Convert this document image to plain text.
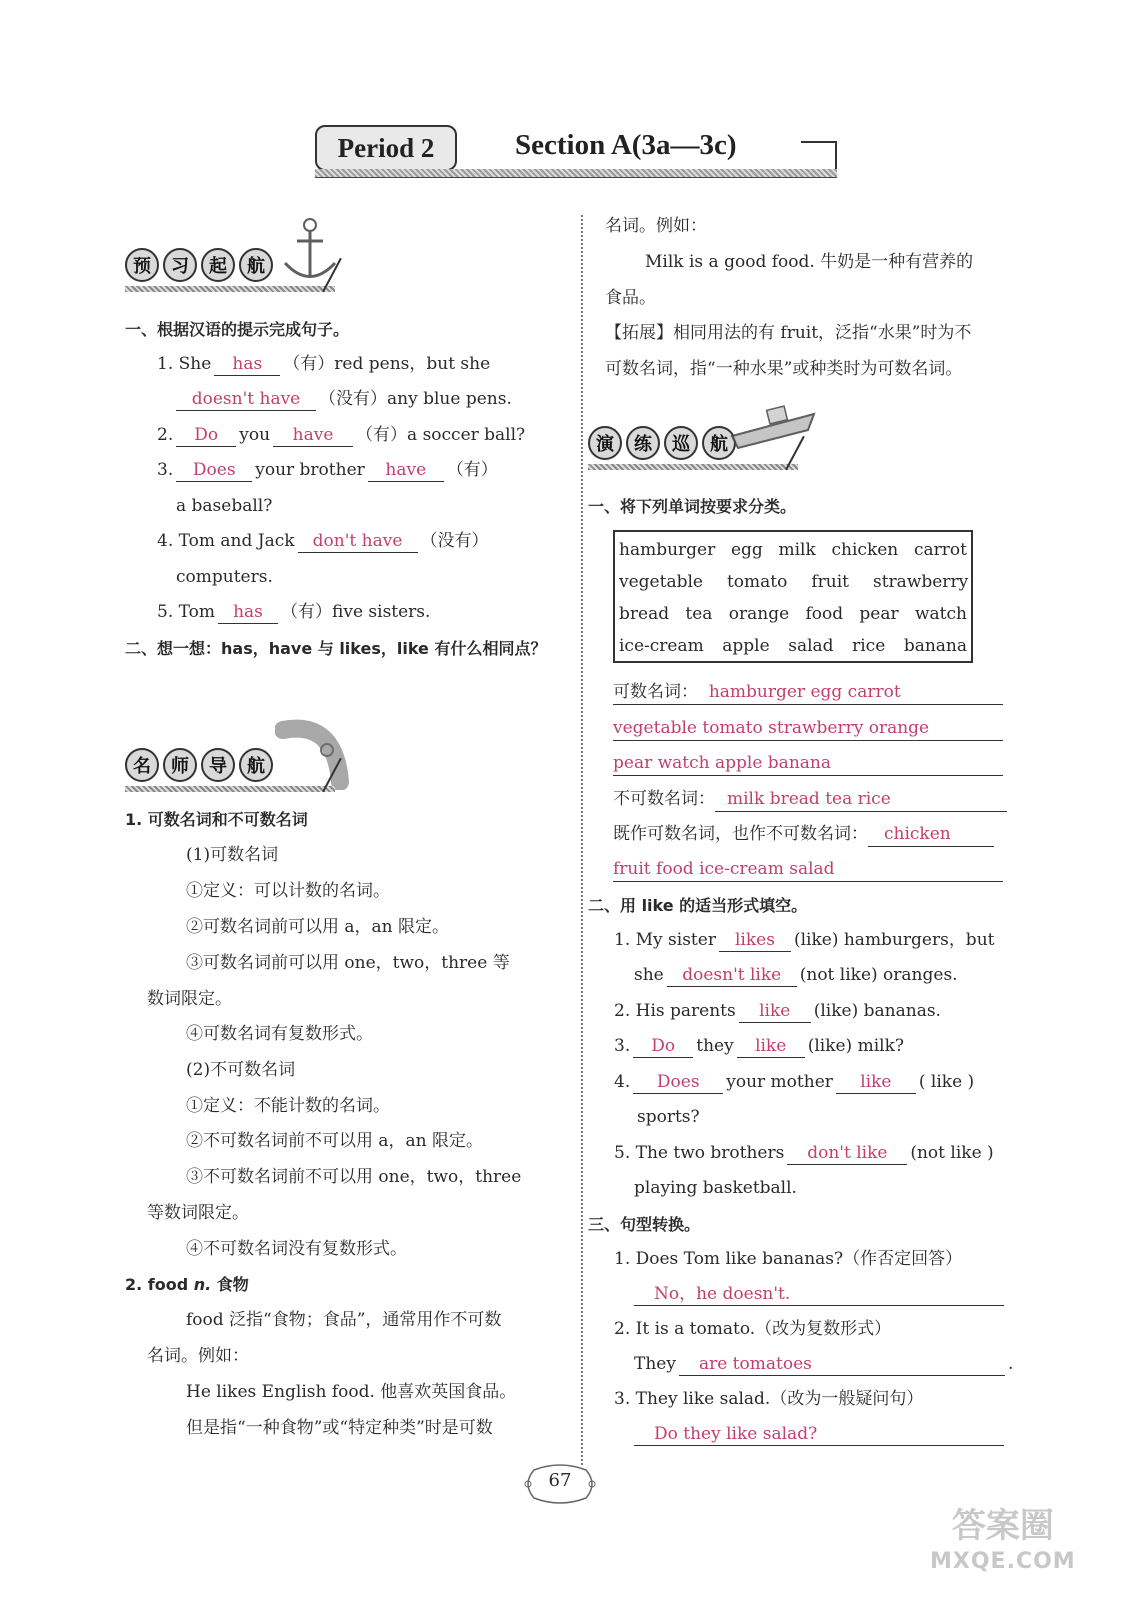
Period 2	Section A(3a—3c)
预	习	起	航
一、根据汉语的提示完成句子。
1. She has （有）red pens，but she
doesn't have （没有）any blue pens.
2. Do you have （有）a soccer ball?
3. Does your brother have （有）
a baseball?
4. Tom and Jack don't have （没有）
computers.
5. Tom has （有）five sisters.
二、想一想：has，have 与 likes，like 有什么相同点？
名	师	导	航
1. 可数名词和不可数名词
(1)可数名词
①定义：可以计数的名词。
②可数名词前可以用 a，an 限定。
③可数名词前可以用 one，two，three 等
数词限定。
④可数名词有复数形式。
(2)不可数名词
①定义：不能计数的名词。
②不可数名词前不可以用 a，an 限定。
③不可数名词前不可以用 one，two，three
等数词限定。
④不可数名词没有复数形式。
2. food n. 食物
food 泛指“食物；食品”，通常用作不可数
名词。例如：
He likes English food. 他喜欢英国食品。
但是指“一种食物”或“特定种类”时是可数
名词。例如：
Milk is a good food. 牛奶是一种有营养的
食品。
【拓展】相同用法的有 fruit，泛指“水果”时为不
可数名词，指“一种水果”或种类时为可数名词。
演	练	巡	航
一、将下列单词按要求分类。
hamburger egg milk chicken carrot
vegetable tomato fruit strawberry
bread tea orange food pear watch
ice-cream apple salad rice banana
可数名词： hamburger egg carrot
vegetable tomato strawberry orange
pear watch apple banana
不可数名词： milk bread tea rice
既作可数名词，也作不可数名词： chicken
fruit food ice-cream salad
二、用 like 的适当形式填空。
1. My sister likes (like) hamburgers，but
she doesn't like (not like) oranges.
2. His parents like (like) bananas.
3. Do they like (like) milk?
4. Does your mother like ( like )
sports?
5. The two brothers don't like (not like )
playing basketball.
三、句型转换。
1. Does Tom like bananas?（作否定回答）
No，he doesn't.
2. It is a tomato.（改为复数形式）
They are tomatoes	.
3. They like salad.（改为一般疑问句）
Do they like salad?
67
答案圈
MXQE.COM
